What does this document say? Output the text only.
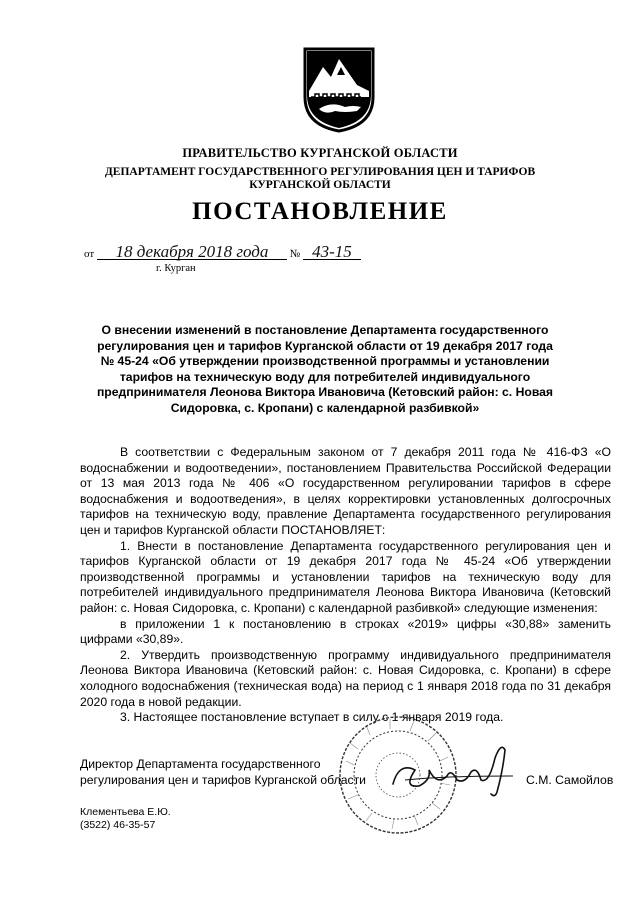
ПРАВИТЕЛЬСТВО КУРГАНСКОЙ ОБЛАСТИ
ДЕПАРТАМЕНТ ГОСУДАРСТВЕННОГО РЕГУЛИРОВАНИЯ ЦЕН И ТАРИФОВ КУРГАНСКОЙ ОБЛАСТИ
ПОСТАНОВЛЕНИЕ
от 18 декабря 2018 года № 43-15
г. Курган
О внесении изменений в постановление Департамента государственного регулирования цен и тарифов Курганской области от 19 декабря 2017 года № 45-24 «Об утверждении производственной программы и установлении тарифов на техническую воду для потребителей индивидуального предпринимателя Леонова Виктора Ивановича (Кетовский район: с. Новая Сидоровка, с. Кропани) с календарной разбивкой»

В соответствии с Федеральным законом от 7 декабря 2011 года № 416-ФЗ «О водоснабжении и водоотведении», постановлением Правительства Российской Федерации от 13 мая 2013 года № 406 «О государственном регулировании тарифов в сфере водоснабжения и водоотведения», в целях корректировки установленных долгосрочных тарифов на техническую воду, правление Департамента государственного регулирования цен и тарифов Курганской области ПОСТАНОВЛЯЕТ:

1. Внести в постановление Департамента государственного регулирования цен и тарифов Курганской области от 19 декабря 2017 года № 45-24 «Об утверждении производственной программы и установлении тарифов на техническую воду для потребителей индивидуального предпринимателя Леонова Виктора Ивановича (Кетовский район: с. Новая Сидоровка, с. Кропани) с календарной разбивкой» следующие изменения:

в приложении 1 к постановлению в строках «2019» цифры «30,88» заменить цифрами «30,89».

2. Утвердить производственную программу индивидуального предпринимателя Леонова Виктора Ивановича (Кетовский район: с. Новая Сидоровка, с. Кропани) в сфере холодного водоснабжения (техническая вода) на период с 1 января 2018 года по 31 декабря 2020 года в новой редакции.

3. Настоящее постановление вступает в силу с 1 января 2019 года.

Директор Департамента государственного
регулирования цен и тарифов Курганской области	С.М. Самойлов
Клементьева Е.Ю.
(3522) 46-35-57
